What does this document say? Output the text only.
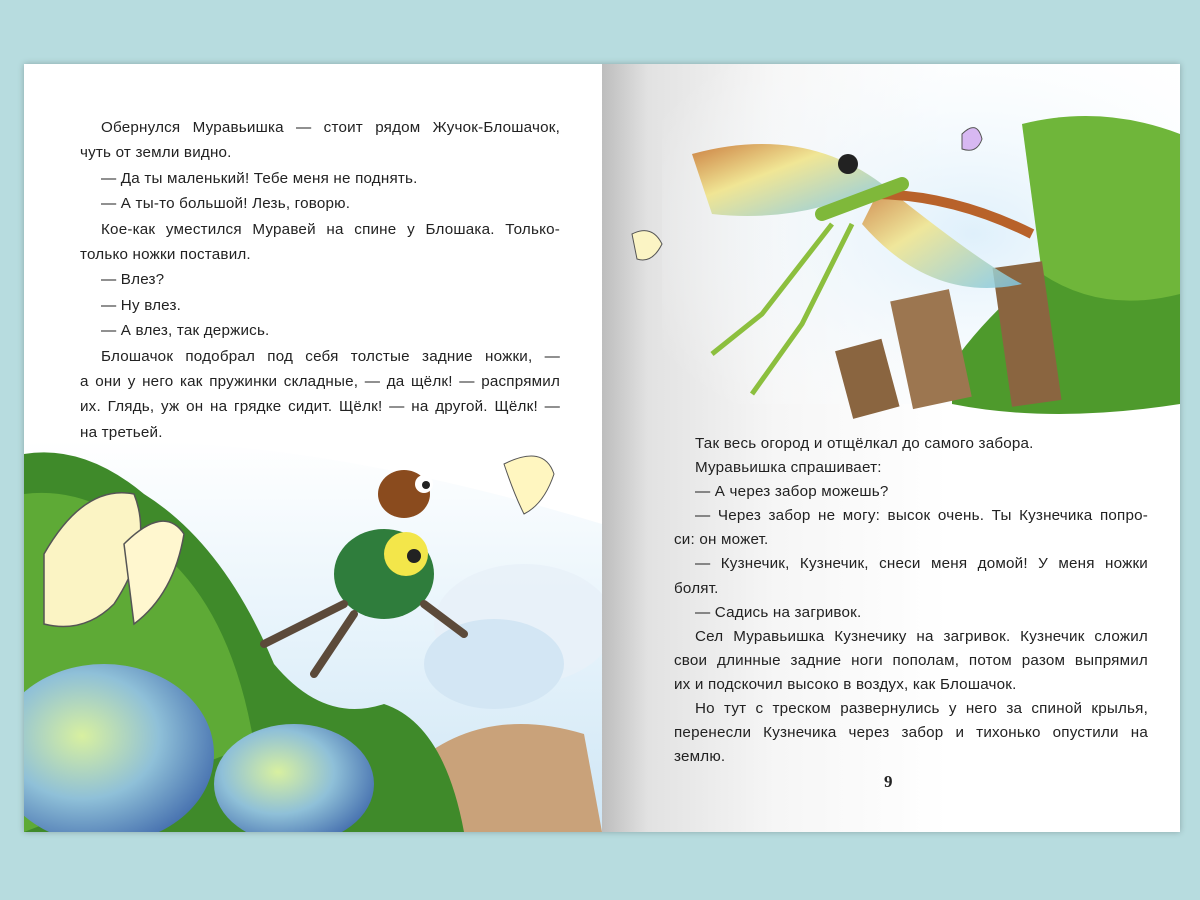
Обернулся Муравьишка — стоит рядом Жучок-Блошачок,
чуть от земли видно.
— Да ты маленький! Тебе меня не поднять.
— А ты-то большой! Лезь, говорю.
Кое-как уместился Муравей на спине у Блошака. Только-
только ножки поставил.
— Влез?
— Ну влез.
— А влез, так держись.
Блошачок подобрал под себя толстые задние ножки, —
а они у него как пружинки складные, — да щёлк! — распрямил
их. Глядь, уж он на грядке сидит. Щёлк! — на другой. Щёлк! —
на третьей.
Так весь огород и отщёлкал до самого забора.
Муравьишка спрашивает:
— А через забор можешь?
— Через забор не могу: высок очень. Ты Кузнечика попро-
си: он может.
— Кузнечик, Кузнечик, снеси меня домой! У меня ножки
болят.
— Садись на загривок.
Сел Муравьишка Кузнечику на загривок. Кузнечик сложил
свои длинные задние ноги пополам, потом разом выпрямил
их и подскочил высоко в воздух, как Блошачок.
Но тут с треском развернулись у него за спиной крылья,
перенесли Кузнечика через забор и тихонько опустили на
землю.
9
